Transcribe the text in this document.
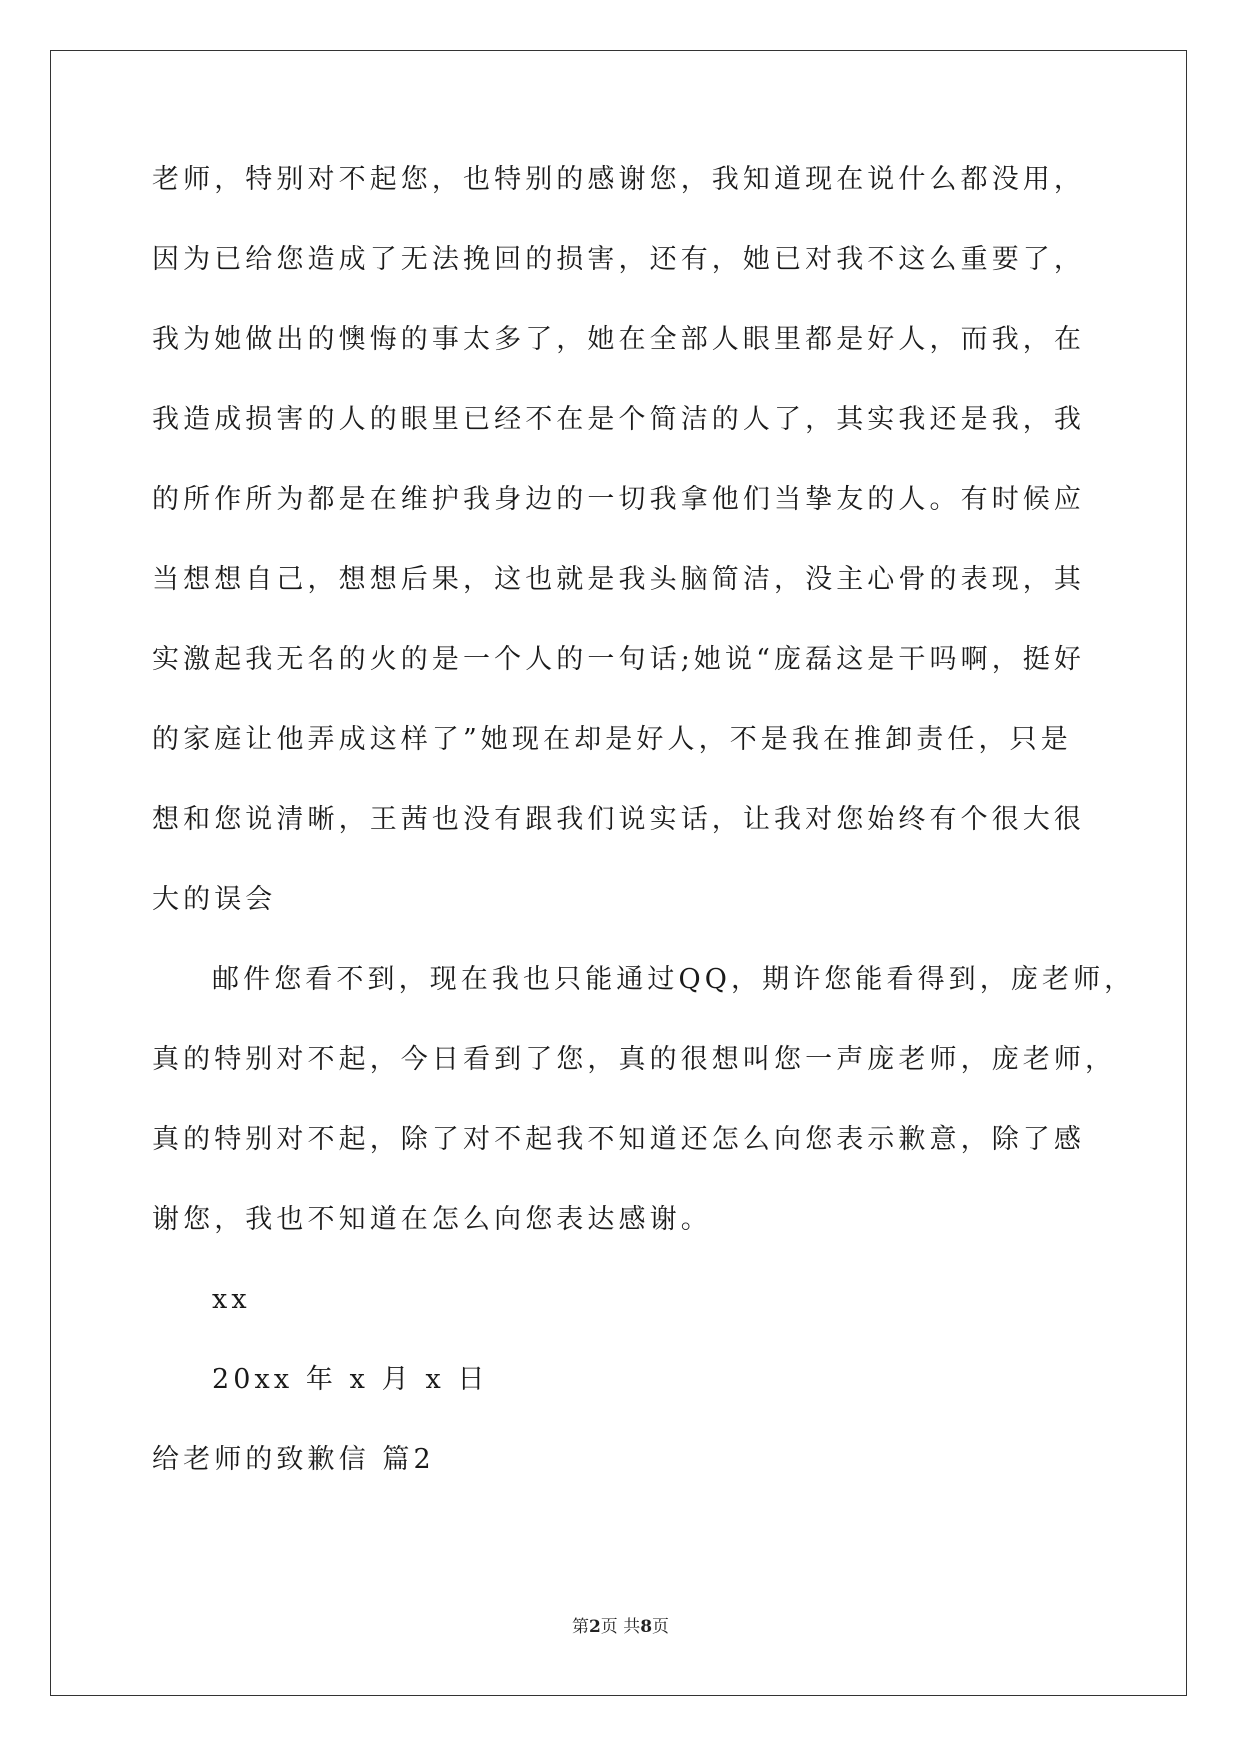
老师，特别对不起您，也特别的感谢您，我知道现在说什么都没用，
因为已给您造成了无法挽回的损害，还有，她已对我不这么重要了，
我为她做出的懊悔的事太多了，她在全部人眼里都是好人，而我，在
我造成损害的人的眼里已经不在是个简洁的人了，其实我还是我，我
的所作所为都是在维护我身边的一切我拿他们当挚友的人。有时候应
当想想自己，想想后果，这也就是我头脑简洁，没主心骨的表现，其
实激起我无名的火的是一个人的一句话;她说“庞磊这是干吗啊，挺好
的家庭让他弄成这样了”她现在却是好人，不是我在推卸责任，只是
想和您说清晰，王茜也没有跟我们说实话，让我对您始终有个很大很
大的误会
邮件您看不到，现在我也只能通过QQ，期许您能看得到，庞老师，
真的特别对不起，今日看到了您，真的很想叫您一声庞老师，庞老师，
真的特别对不起，除了对不起我不知道还怎么向您表示歉意，除了感
谢您，我也不知道在怎么向您表达感谢。
xx
20xx 年 x 月 x 日
给老师的致歉信 篇2
第2页 共8页
